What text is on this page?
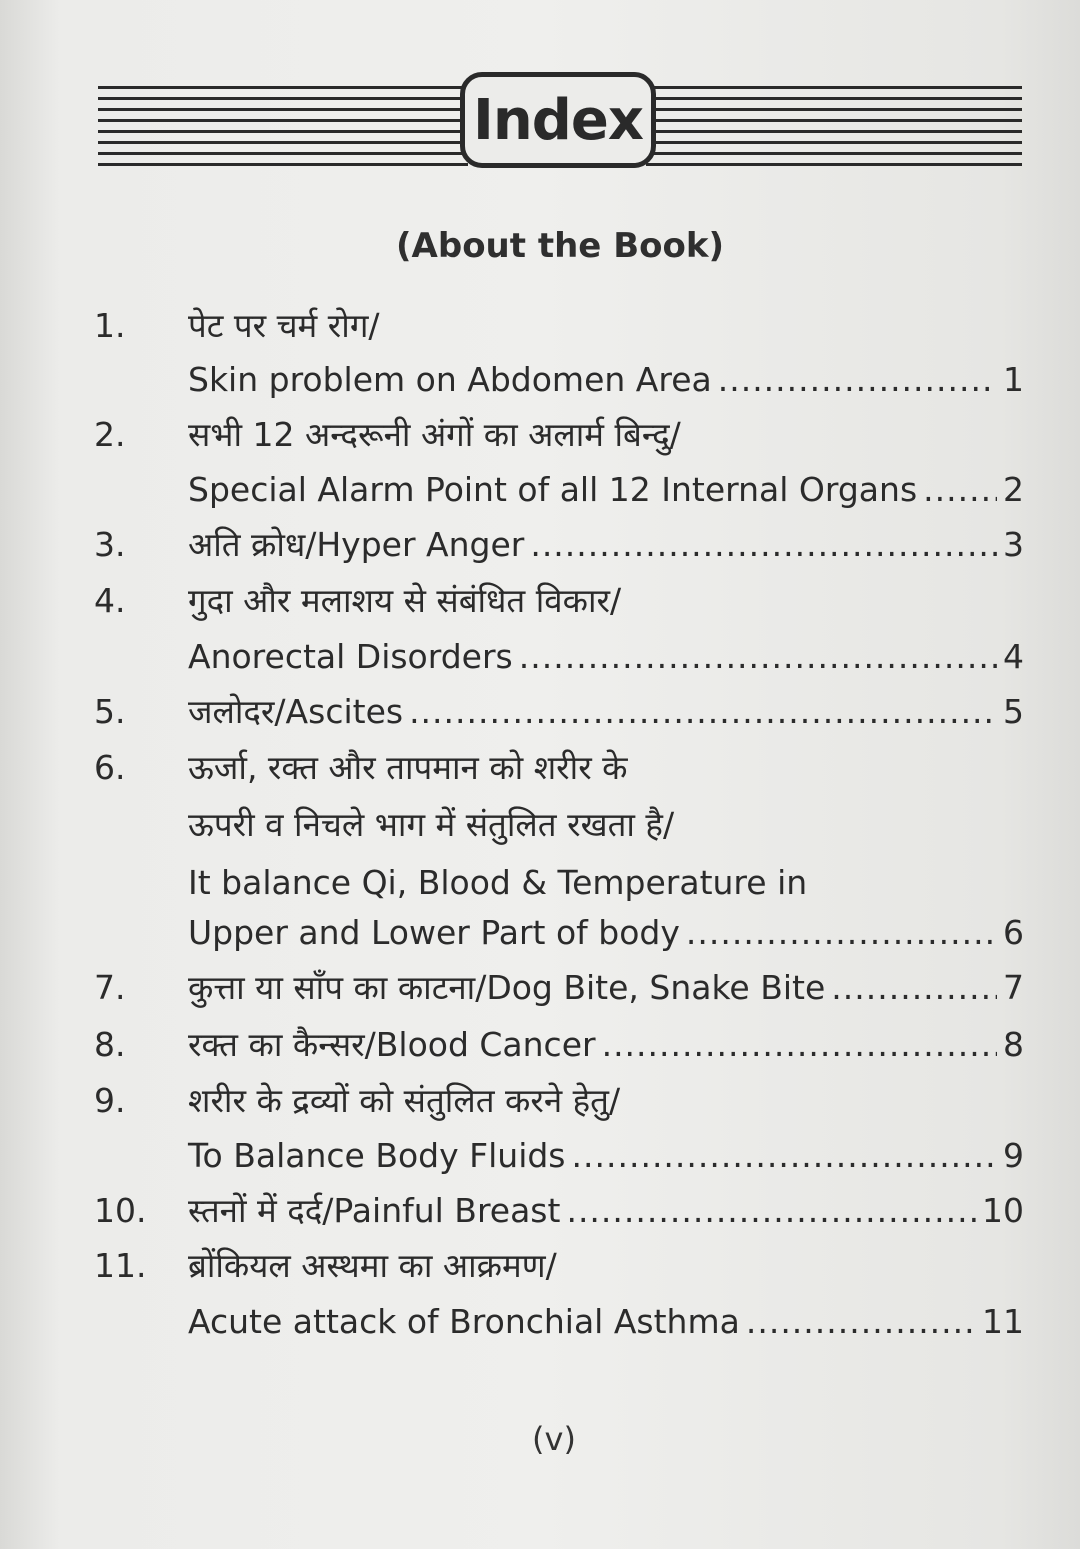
Index
(About the Book)
1. पेट पर चर्म रोग/
Skin problem on Abdomen Area .....	1
2. सभी 12 अन्दरूनी अंगों का अलार्म बिन्दु/
Special Alarm Point of all 12 Internal Organs .....	2
3. अति क्रोध/Hyper Anger .....	3
4. गुदा और मलाशय से संबंधित विकार/
Anorectal Disorders .....	4
5. जलोदर/Ascites .....	5
6. ऊर्जा, रक्त और तापमान को शरीर के
ऊपरी व निचले भाग में संतुलित रखता है/
It balance Qi, Blood & Temperature in
Upper and Lower Part of body .....	6
7. कुत्ता या साँप का काटना/Dog Bite, Snake Bite .....	7
8. रक्त का कैन्सर/Blood Cancer .....	8
9. शरीर के द्रव्यों को संतुलित करने हेतु/
To Balance Body Fluids .....	9
10. स्तनों में दर्द/Painful Breast .....	10
11. ब्रोंकियल अस्थमा का आक्रमण/
Acute attack of Bronchial Asthma .....	11
(v)
